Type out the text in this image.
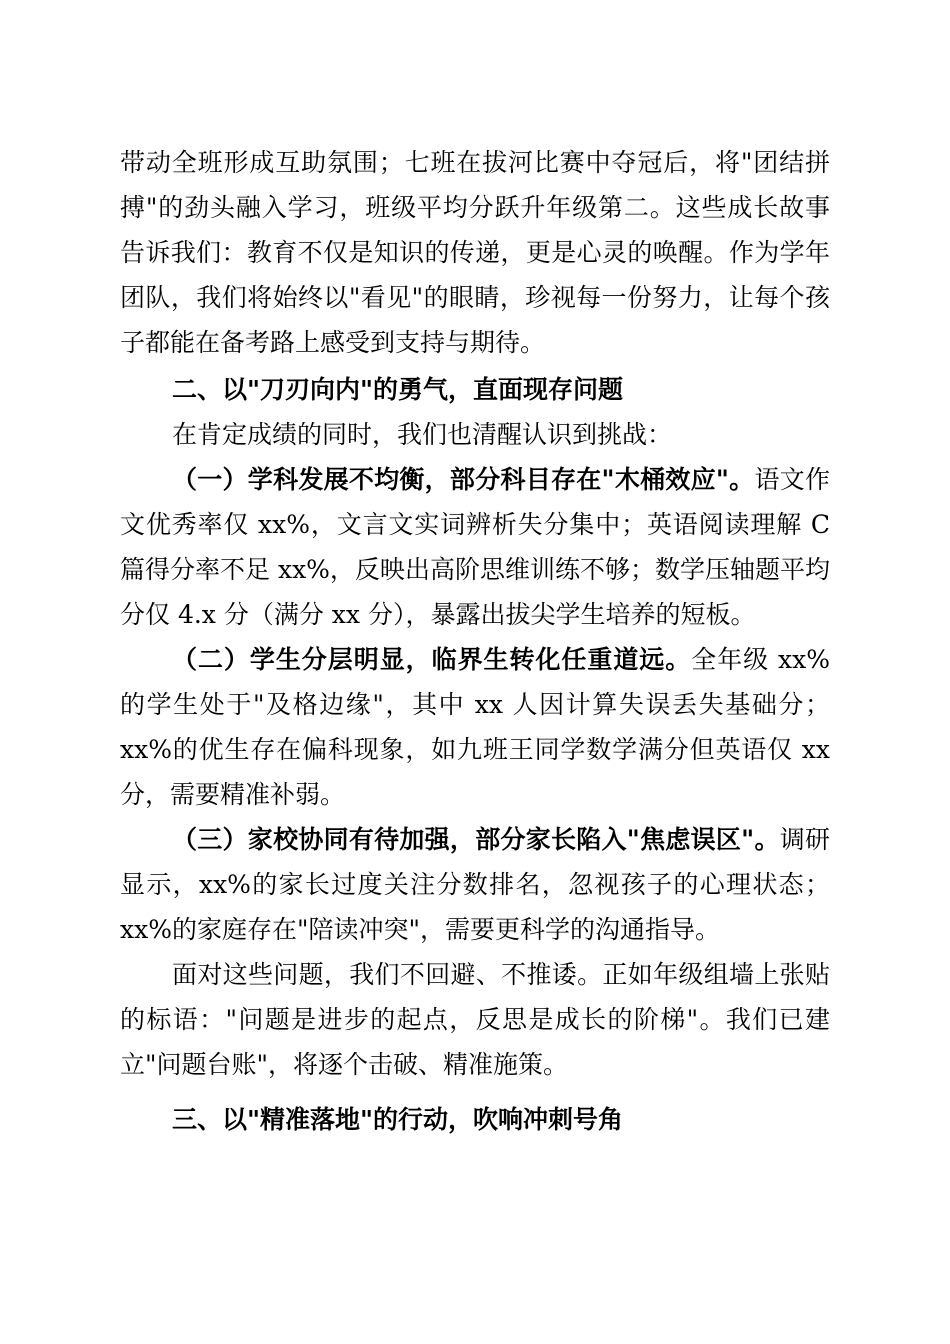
带动全班形成互助氛围；七班在拔河比赛中夺冠后，将"团结拼搏"的劲头融入学习，班级平均分跃升年级第二。这些成长故事告诉我们：教育不仅是知识的传递，更是心灵的唤醒。作为学年团队，我们将始终以"看见"的眼睛，珍视每一份努力，让每个孩子都能在备考路上感受到支持与期待。

二、以"刀刃向内"的勇气，直面现存问题

在肯定成绩的同时，我们也清醒认识到挑战：

（一）学科发展不均衡，部分科目存在"木桶效应"。语文作文优秀率仅 xx%，文言文实词辨析失分集中；英语阅读理解 C 篇得分率不足 xx%，反映出高阶思维训练不够；数学压轴题平均分仅 4.x 分（满分 xx 分），暴露出拔尖学生培养的短板。

（二）学生分层明显，临界生转化任重道远。全年级 xx%的学生处于"及格边缘"，其中 xx 人因计算失误丢失基础分；xx%的优生存在偏科现象，如九班王同学数学满分但英语仅 xx 分，需要精准补弱。

（三）家校协同有待加强，部分家长陷入"焦虑误区"。调研显示，xx%的家长过度关注分数排名，忽视孩子的心理状态；xx%的家庭存在"陪读冲突"，需要更科学的沟通指导。

面对这些问题，我们不回避、不推诿。正如年级组墙上张贴的标语："问题是进步的起点，反思是成长的阶梯"。我们已建立"问题台账"，将逐个击破、精准施策。

三、以"精准落地"的行动，吹响冲刺号角
